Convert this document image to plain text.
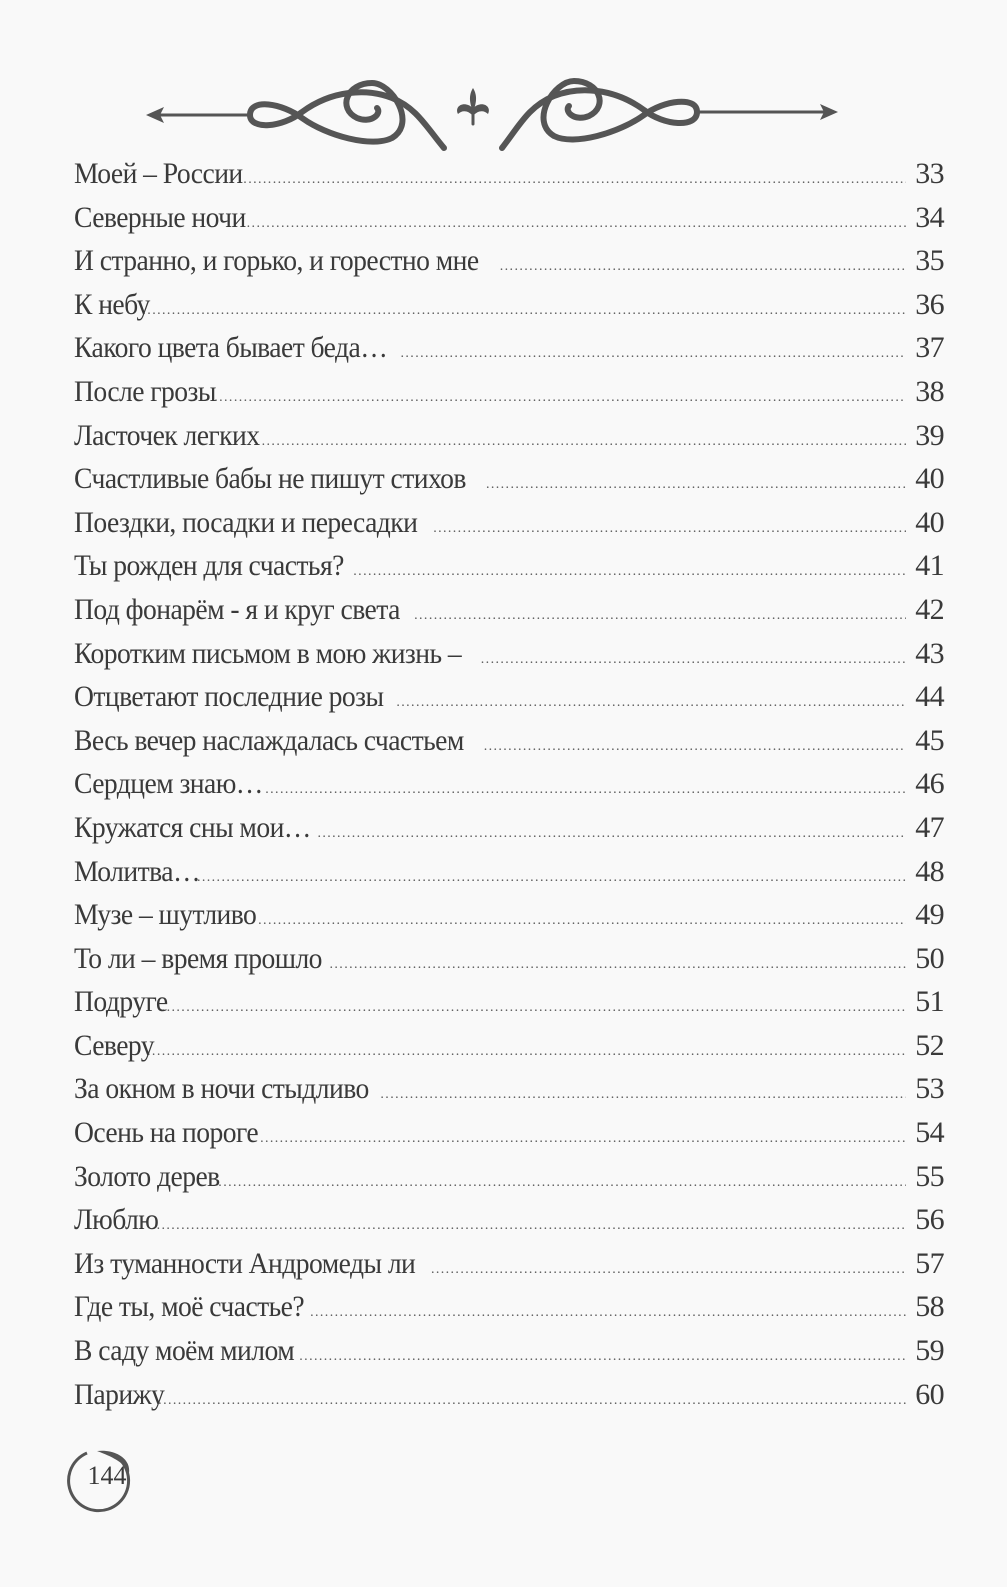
Моей – России .....	33
Северные ночи .....	34
И странно, и горько, и горестно мне .....	35
К небу .....	36
Какого цвета бывает беда… .....	37
После грозы .....	38
Ласточек легких .....	39
Счастливые бабы не пишут стихов .....	40
Поездки, посадки и пересадки .....	40
Ты рожден для счастья? .....	41
Под фонарём - я и круг света .....	42
Коротким письмом в мою жизнь – .....	43
Отцветают последние розы .....	44
Весь вечер наслаждалась счастьем .....	45
Сердцем знаю… .....	46
Кружатся сны мои… .....	47
Молитва… .....	48
Музе – шутливо .....	49
То ли – время прошло .....	50
Подруге .....	51
Северу .....	52
За окном в ночи стыдливо .....	53
Осень на пороге .....	54
Золото дерев .....	55
Люблю .....	56
Из туманности Андромеды ли .....	57
Где ты, моё счастье? .....	58
В саду моём милом .....	59
Парижу .....	60
144
